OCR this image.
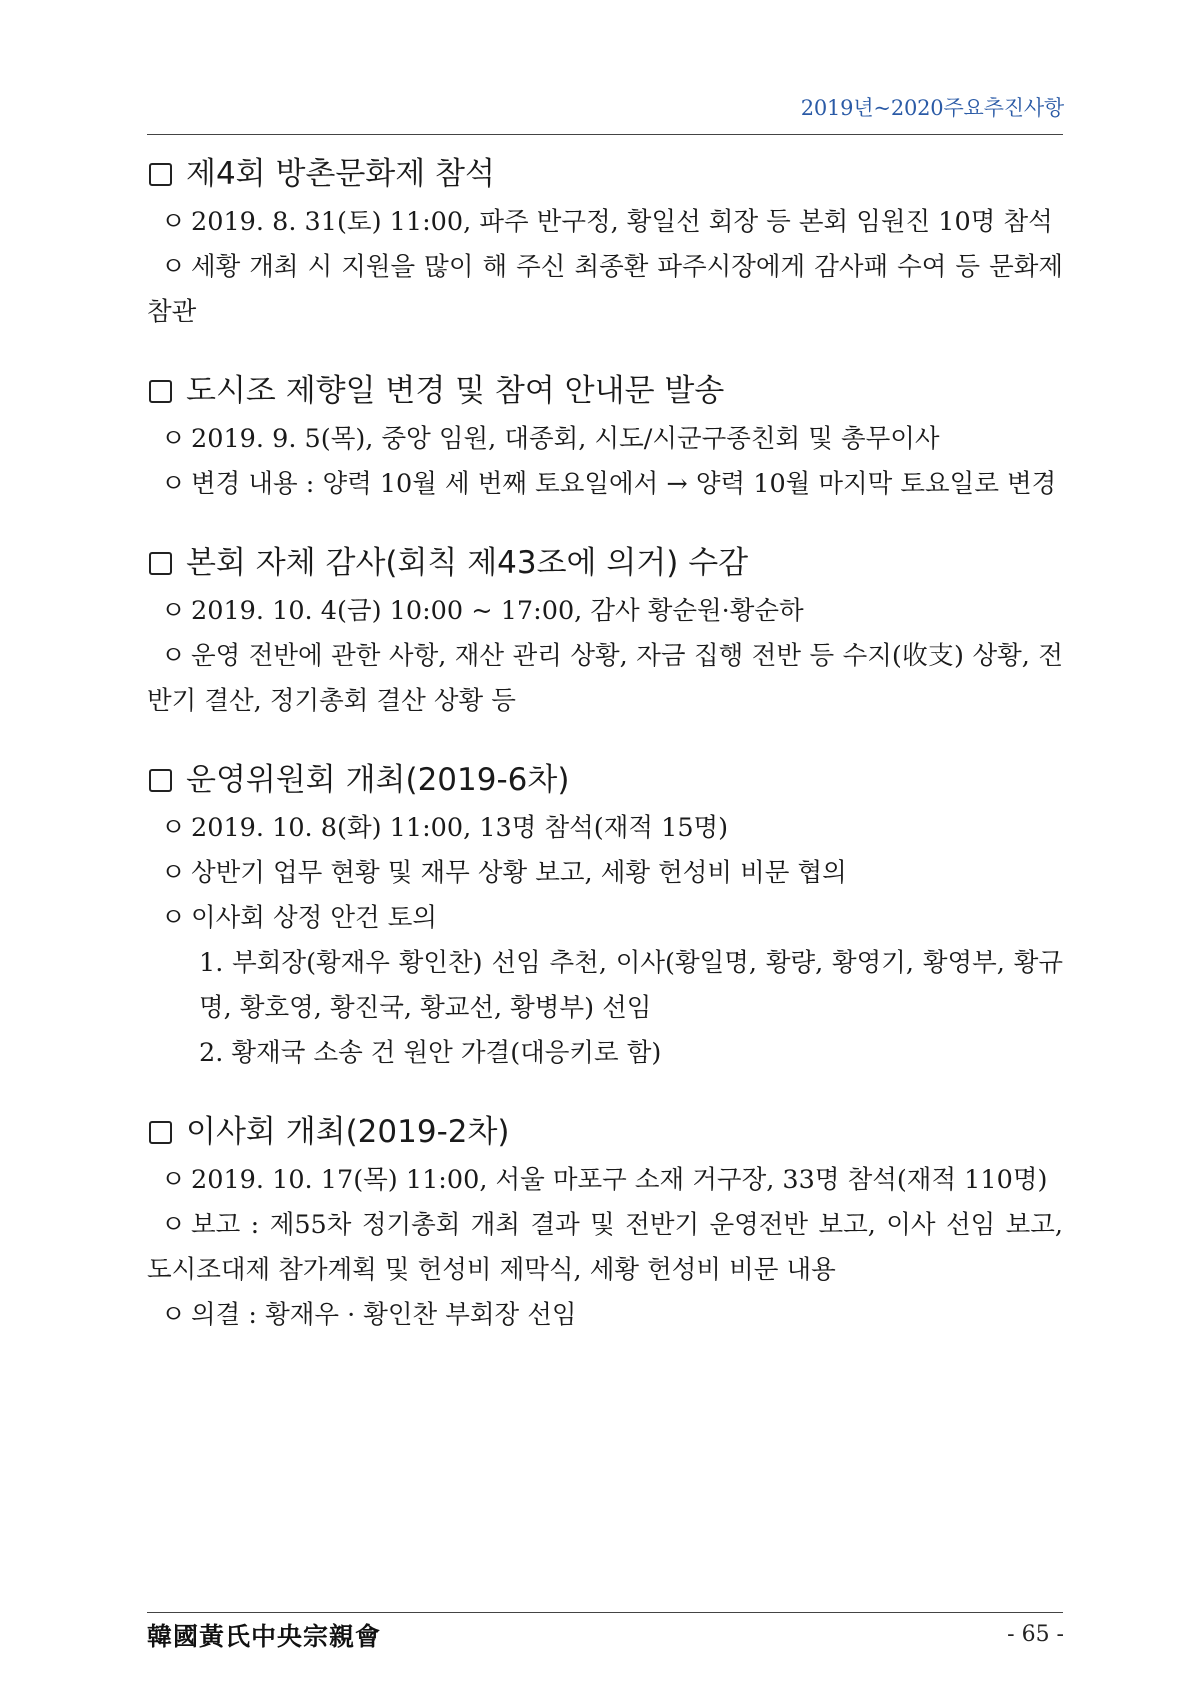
2019년~2020주요추진사항
제4회 방촌문화제 참석
ㅇ 2019. 8. 31(토) 11:00, 파주 반구정, 황일선 회장 등 본회 임원진 10명 참석
ㅇ 세황 개최 시 지원을 많이 해 주신 최종환 파주시장에게 감사패 수여 등 문화제 참관
도시조 제향일 변경 및 참여 안내문 발송
ㅇ 2019. 9. 5(목), 중앙 임원, 대종회, 시도/시군구종친회 및 총무이사
ㅇ 변경 내용 : 양력 10월 세 번째 토요일에서 → 양력 10월 마지막 토요일로 변경
본회 자체 감사(회칙 제43조에 의거) 수감
ㅇ 2019. 10. 4(금) 10:00 ~ 17:00, 감사 황순원·황순하
ㅇ 운영 전반에 관한 사항, 재산 관리 상황, 자금 집행 전반 등 수지(收支) 상황, 전반기 결산, 정기총회 결산 상황 등
운영위원회 개최(2019-6차)
ㅇ 2019. 10. 8(화) 11:00, 13명 참석(재적 15명)
ㅇ 상반기 업무 현황 및 재무 상황 보고, 세황 헌성비 비문 협의
ㅇ 이사회 상정 안건 토의
1. 부회장(황재우 황인찬) 선임 추천, 이사(황일명, 황량, 황영기, 황영부, 황규명, 황호영, 황진국, 황교선, 황병부) 선임
2. 황재국 소송 건 원안 가결(대응키로 함)
이사회 개최(2019-2차)
ㅇ 2019. 10. 17(목) 11:00, 서울 마포구 소재 거구장, 33명 참석(재적 110명)
ㅇ 보고 : 제55차 정기총회 개최 결과 및 전반기 운영전반 보고, 이사 선임 보고, 도시조대제 참가계획 및 헌성비 제막식, 세황 헌성비 비문 내용
ㅇ 의결 : 황재우 · 황인찬 부회장 선임
韓國黃氏中央宗親會	- 65 -
